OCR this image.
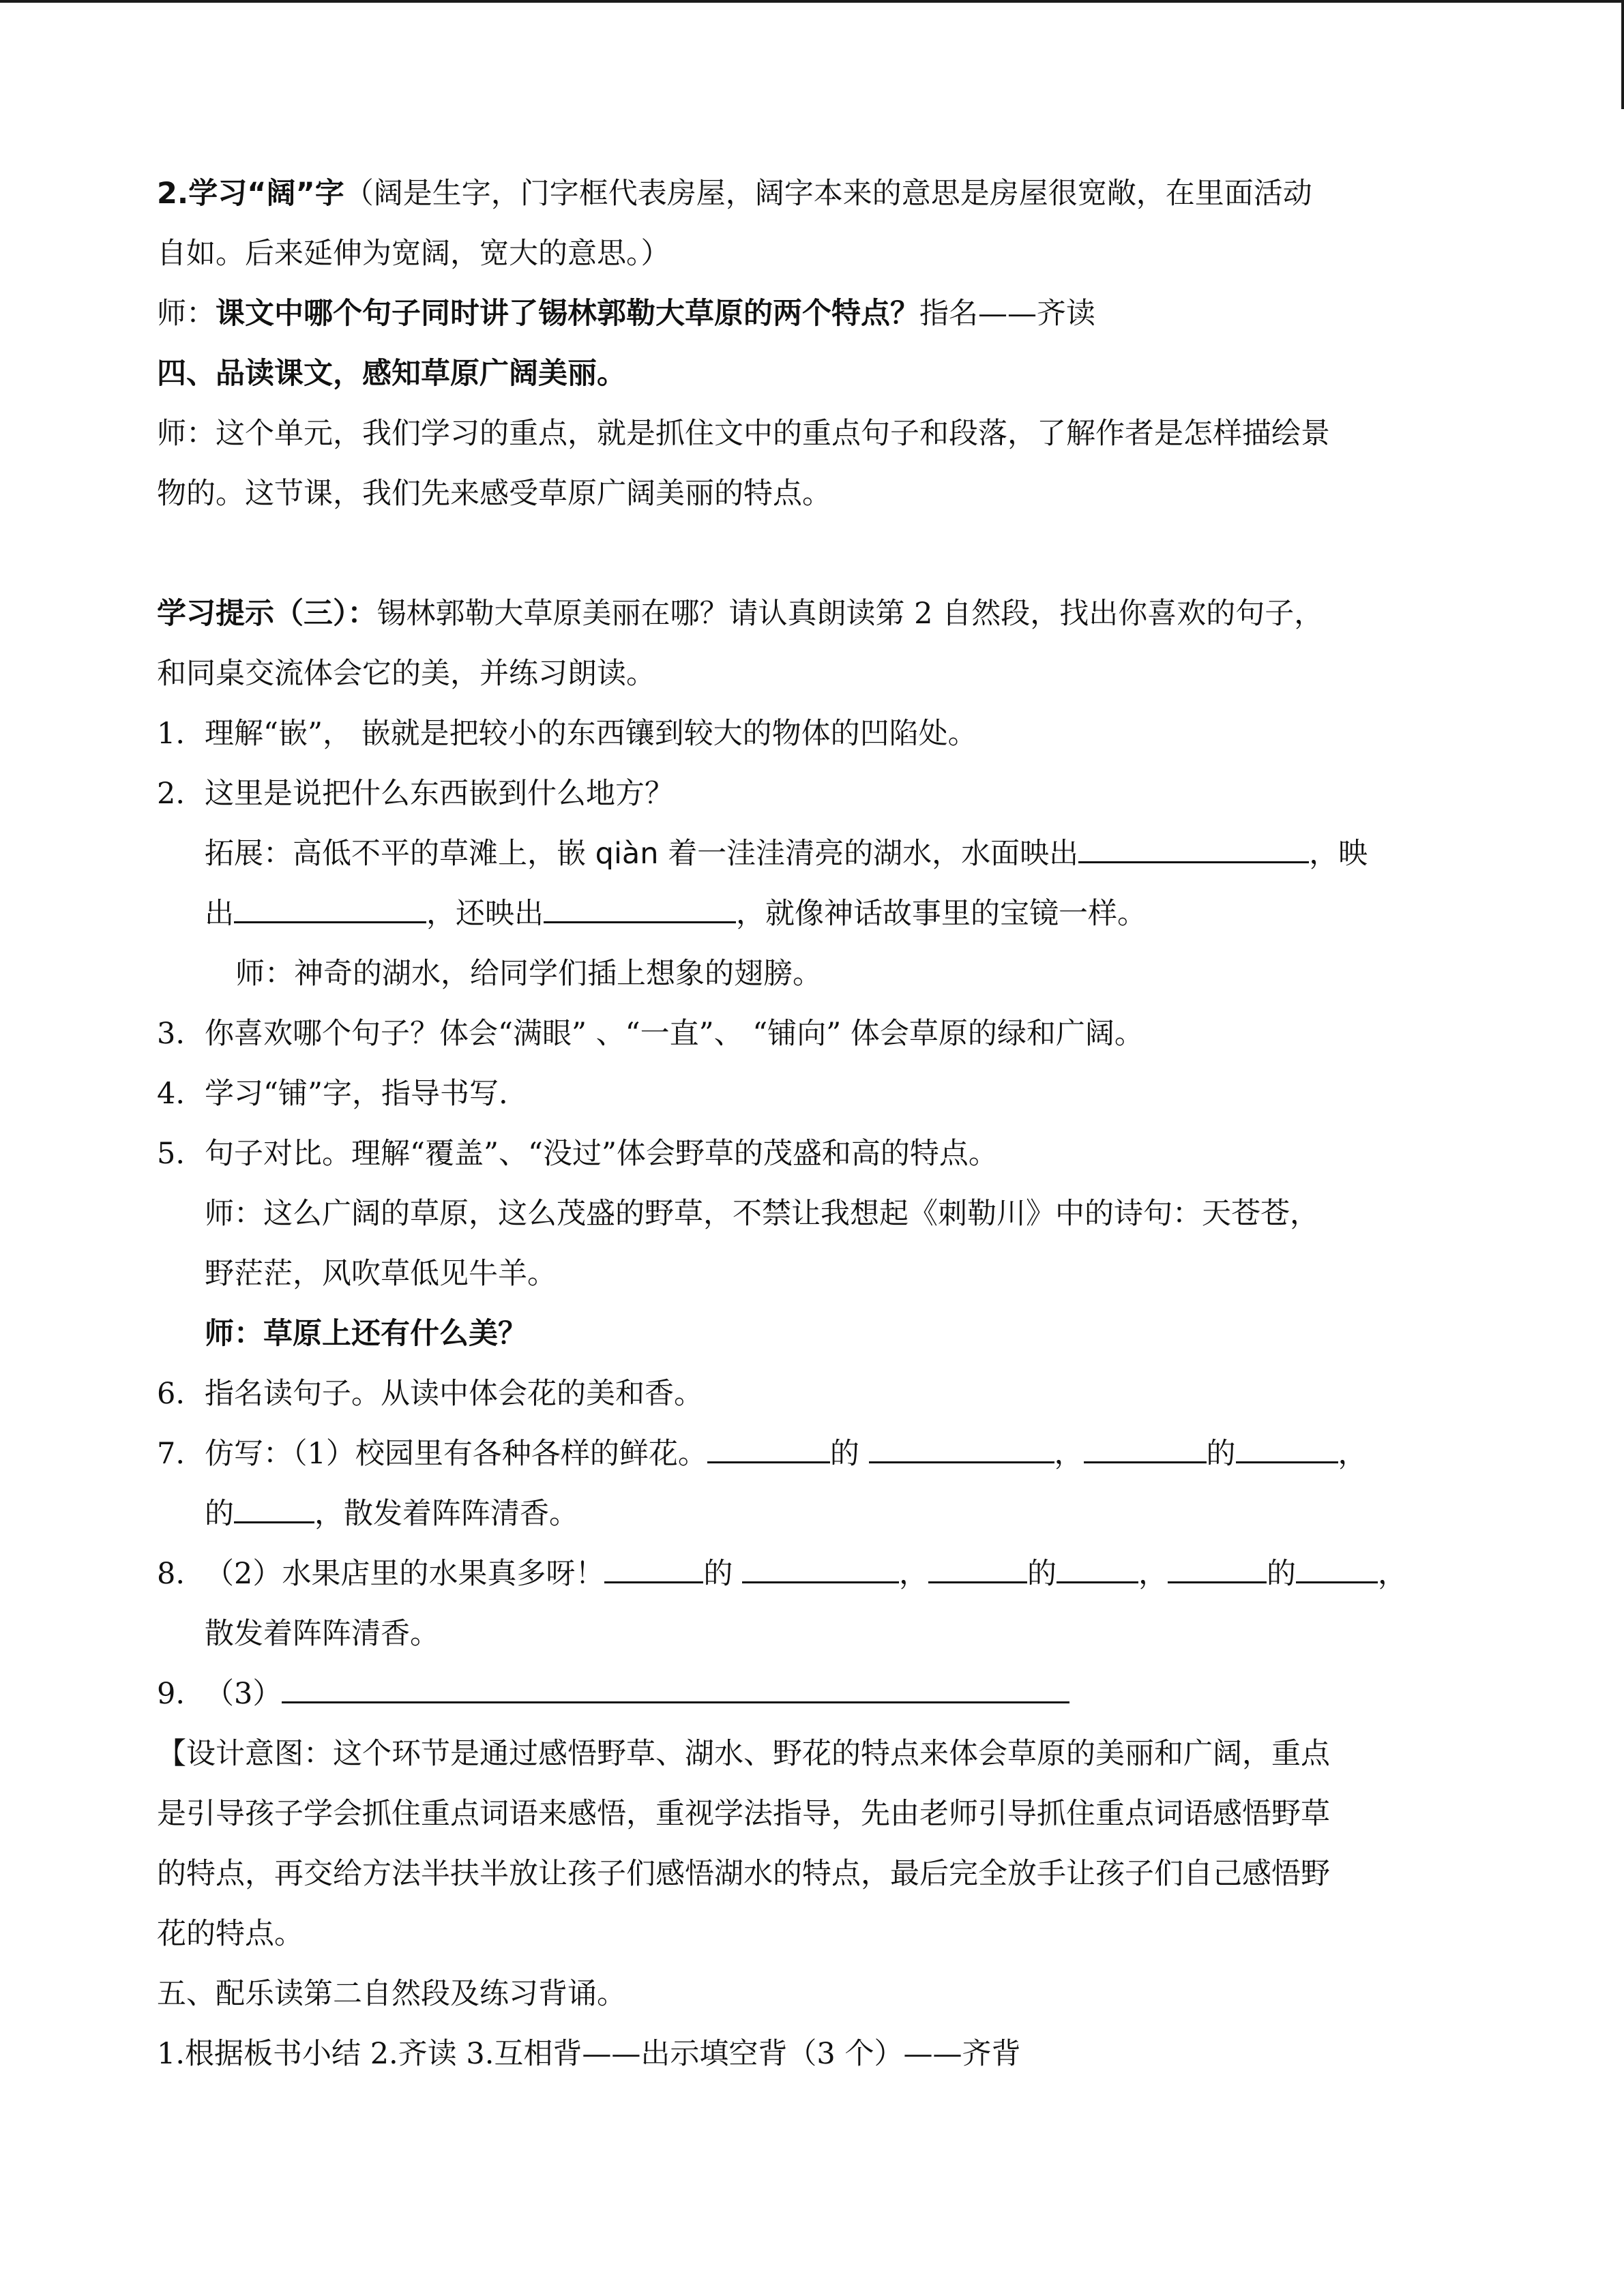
2.学习“阔”字（阔是生字，门字框代表房屋，阔字本来的意思是房屋很宽敞，在里面活动
自如。后来延伸为宽阔，宽大的意思。）
师：课文中哪个句子同时讲了锡林郭勒大草原的两个特点？指名——齐读
四、品读课文，感知草原广阔美丽。
师：这个单元，我们学习的重点，就是抓住文中的重点句子和段落，了解作者是怎样描绘景
物的。这节课，我们先来感受草原广阔美丽的特点。
学习提示（三）：锡林郭勒大草原美丽在哪？请认真朗读第 2 自然段，找出你喜欢的句子，
和同桌交流体会它的美，并练习朗读。
1. 理解“嵌”， 嵌就是把较小的东西镶到较大的物体的凹陷处。
2. 这里是说把什么东西嵌到什么地方？
拓展：高低不平的草滩上，嵌 qiàn 着一洼洼清亮的湖水，水面映出	，映
出	，还映出	，就像神话故事里的宝镜一样。
师：神奇的湖水，给同学们插上想象的翅膀。
3. 你喜欢哪个句子？体会“满眼” 、“一直”、 “铺向” 体会草原的绿和广阔。
4. 学习“铺”字，指导书写.
5. 句子对比。理解“覆盖”、“没过”体会野草的茂盛和高的特点。
师：这么广阔的草原，这么茂盛的野草，不禁让我想起《刺勒川》中的诗句：天苍苍，
野茫茫，风吹草低见牛羊。
师：草原上还有什么美？
6. 指名读句子。从读中体会花的美和香。
7. 仿写：（1）校园里有各种各样的鲜花。	的	，	的	，
的	，散发着阵阵清香。
8. （2）水果店里的水果真多呀！	的	，	的	，	的	，
散发着阵阵清香。
9. （3）
【设计意图：这个环节是通过感悟野草、湖水、野花的特点来体会草原的美丽和广阔，重点
是引导孩子学会抓住重点词语来感悟，重视学法指导，先由老师引导抓住重点词语感悟野草
的特点，再交给方法半扶半放让孩子们感悟湖水的特点，最后完全放手让孩子们自己感悟野
花的特点。
五、配乐读第二自然段及练习背诵。
1.根据板书小结 2.齐读 3.互相背——出示填空背（3 个）——齐背
